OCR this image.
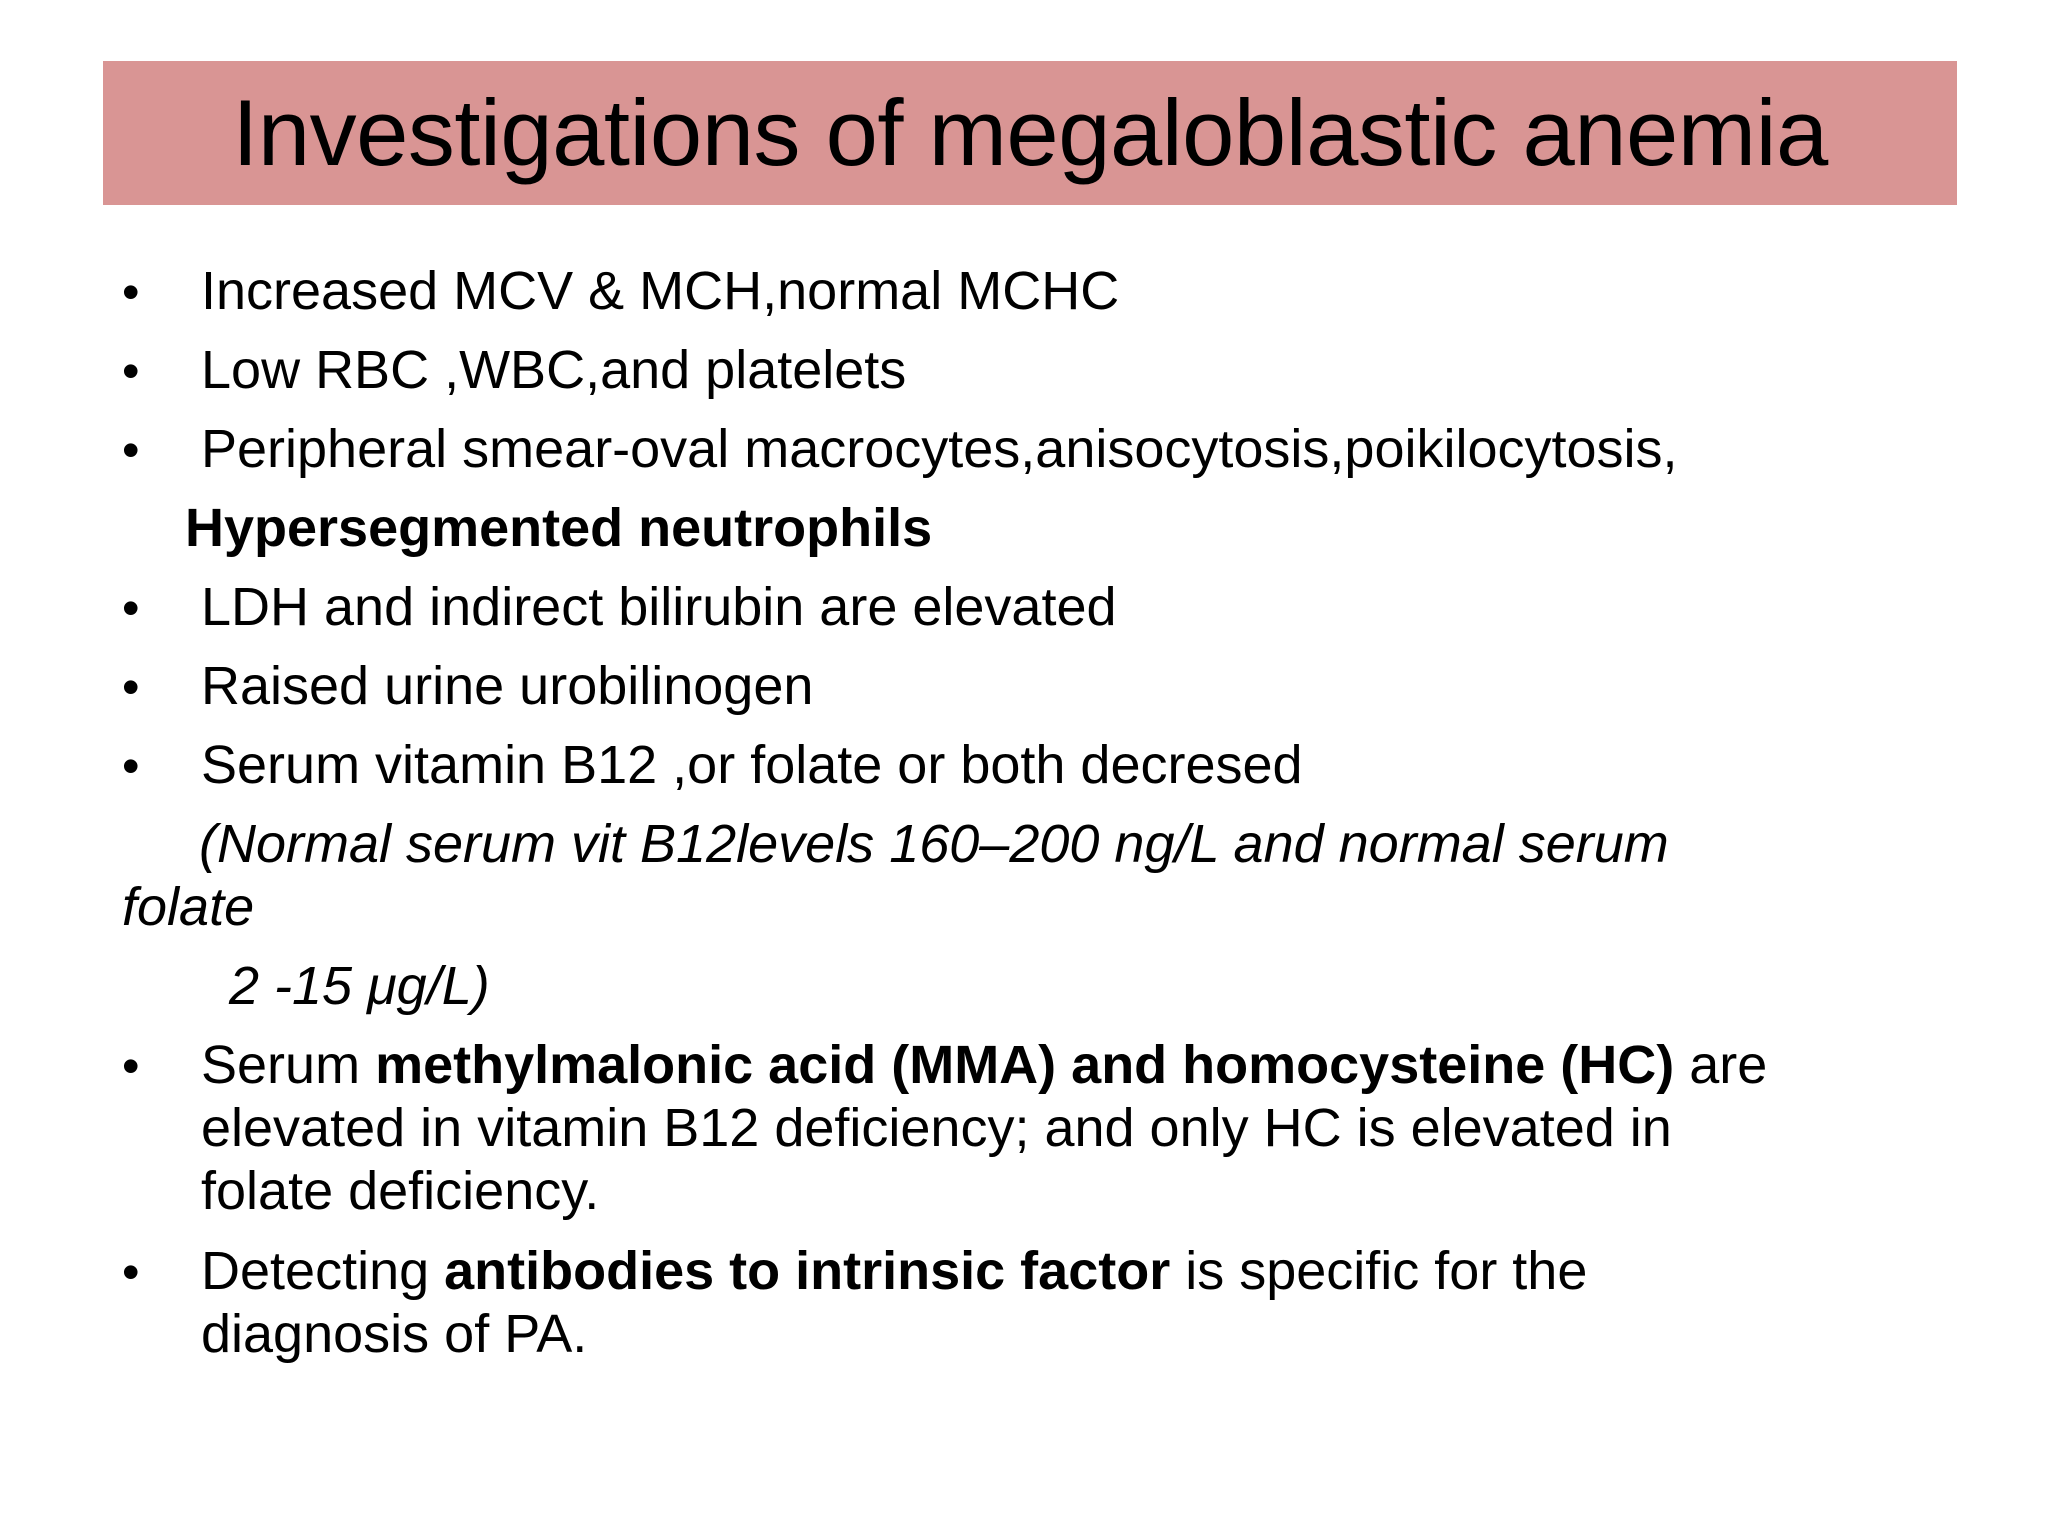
Investigations of megaloblastic anemia
• Increased MCV & MCH,normal MCHC
• Low RBC ,WBC,and platelets
• Peripheral smear-oval macrocytes,anisocytosis,poikilocytosis,
Hypersegmented neutrophils
• LDH and indirect bilirubin are elevated
• Raised urine urobilinogen
• Serum vitamin B12 ,or folate or both decresed
(Normal serum vit B12levels 160–200 ng/L and normal serum
folate
2 -15 μg/L)
• Serum methylmalonic acid (MMA) and homocysteine (HC) are
elevated in vitamin B12 deficiency; and only HC is elevated in
folate deficiency.
• Detecting antibodies to intrinsic factor is specific for the
diagnosis of PA.
